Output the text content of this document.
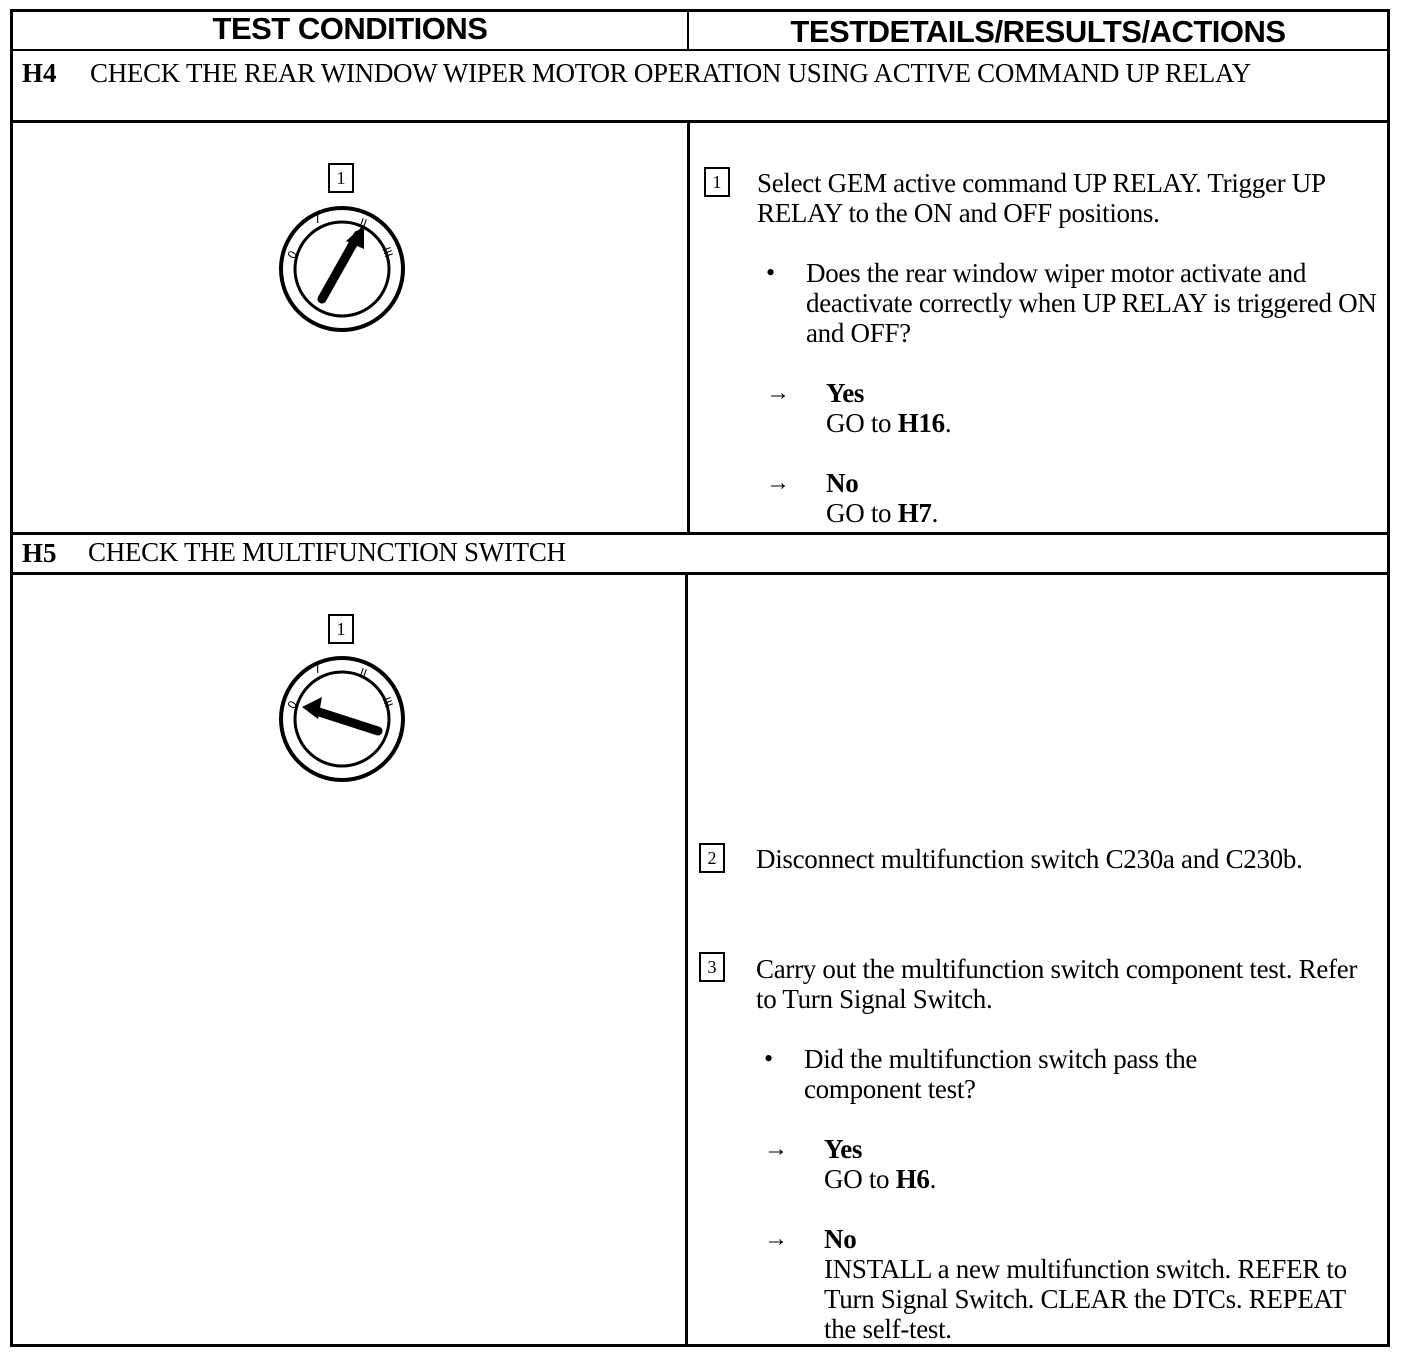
TEST CONDITIONS	TESTDETAILS/RESULTS/ACTIONS
H4 CHECK THE REAR WINDOW WIPER MOTOR OPERATION USING ACTIVE COMMAND UP RELAY
1
0
I	II
III
1	Select GEM active command UP RELAY. Trigger UP RELAY to the ON and OFF positions.
• Does the rear window wiper motor activate and deactivate correctly when UP RELAY is triggered ON and OFF?
→ Yes
GO to H16.
→ No
GO to H7.
H5 CHECK THE MULTIFUNCTION SWITCH
1
0
I	II
III
2	Disconnect multifunction switch C230a and C230b.
3	Carry out the multifunction switch component test. Refer to Turn Signal Switch.
• Did the multifunction switch pass the component test?
→ Yes
GO to H6.
→ No
INSTALL a new multifunction switch. REFER to Turn Signal Switch. CLEAR the DTCs. REPEAT the self-test.
